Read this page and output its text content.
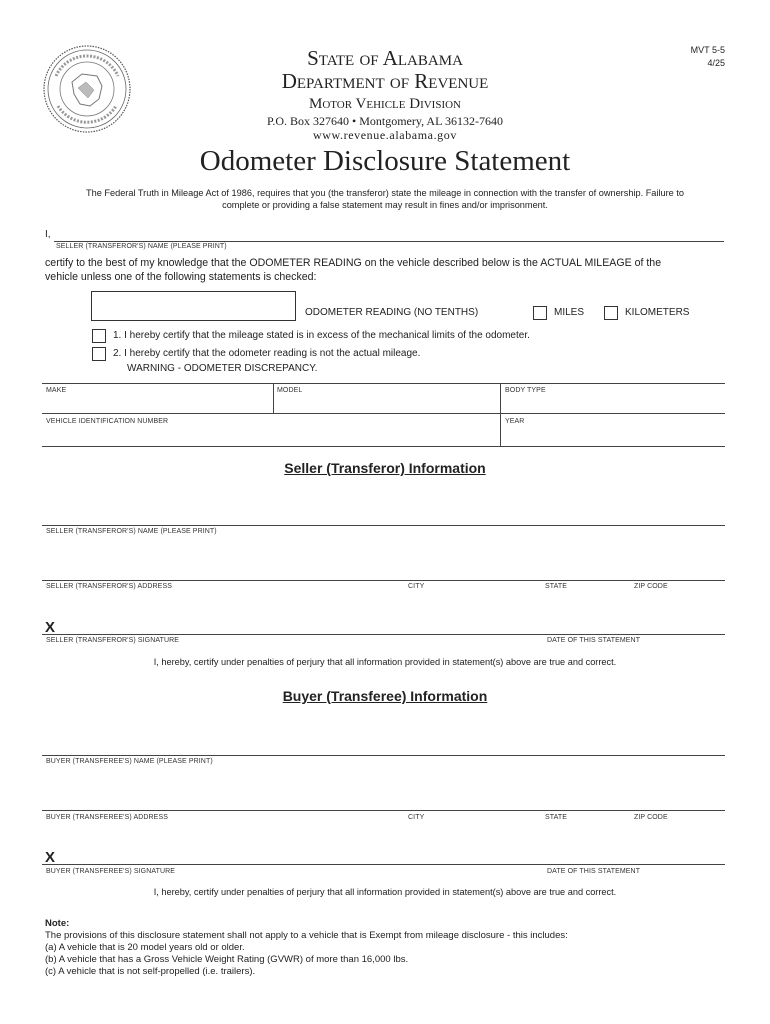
State of Alabama
Department of Revenue
Motor Vehicle Division
P.O. Box 327640 • Montgomery, AL 36132-7640
www.revenue.alabama.gov
MVT 5-5
4/25
Odometer Disclosure Statement
The Federal Truth in Mileage Act of 1986, requires that you (the transferor) state the mileage in connection with the transfer of ownership. Failure to
complete or providing a false statement may result in fines and/or imprisonment.
I,
SELLER (TRANSFEROR'S) NAME (PLEASE PRINT)
certify to the best of my knowledge that the ODOMETER READING on the vehicle described below is the ACTUAL MILEAGE of the
vehicle unless one of the following statements is checked:
ODOMETER READING (NO TENTHS)	MILES	KILOMETERS
1. I hereby certify that the mileage stated is in excess of the mechanical limits of the odometer.
2. I hereby certify that the odometer reading is not the actual mileage.
WARNING - ODOMETER DISCREPANCY.
MAKE	MODEL	BODY TYPE
VEHICLE IDENTIFICATION NUMBER	YEAR
Seller (Transferor) Information
SELLER (TRANSFEROR'S) NAME (PLEASE PRINT)
SELLER (TRANSFEROR'S) ADDRESS	CITY	STATE	ZIP CODE
X
SELLER (TRANSFEROR'S) SIGNATURE	DATE OF THIS STATEMENT
I, hereby, certify under penalties of perjury that all information provided in statement(s) above are true and correct.
Buyer (Transferee) Information
BUYER (TRANSFEREE'S) NAME (PLEASE PRINT)
BUYER (TRANSFEREE'S) ADDRESS	CITY	STATE	ZIP CODE
X
BUYER (TRANSFEREE'S) SIGNATURE	DATE OF THIS STATEMENT
I, hereby, certify under penalties of perjury that all information provided in statement(s) above are true and correct.
Note:
The provisions of this disclosure statement shall not apply to a vehicle that is Exempt from mileage disclosure - this includes:
(a) A vehicle that is 20 model years old or older.
(b) A vehicle that has a Gross Vehicle Weight Rating (GVWR) of more than 16,000 lbs.
(c) A vehicle that is not self-propelled (i.e. trailers).
